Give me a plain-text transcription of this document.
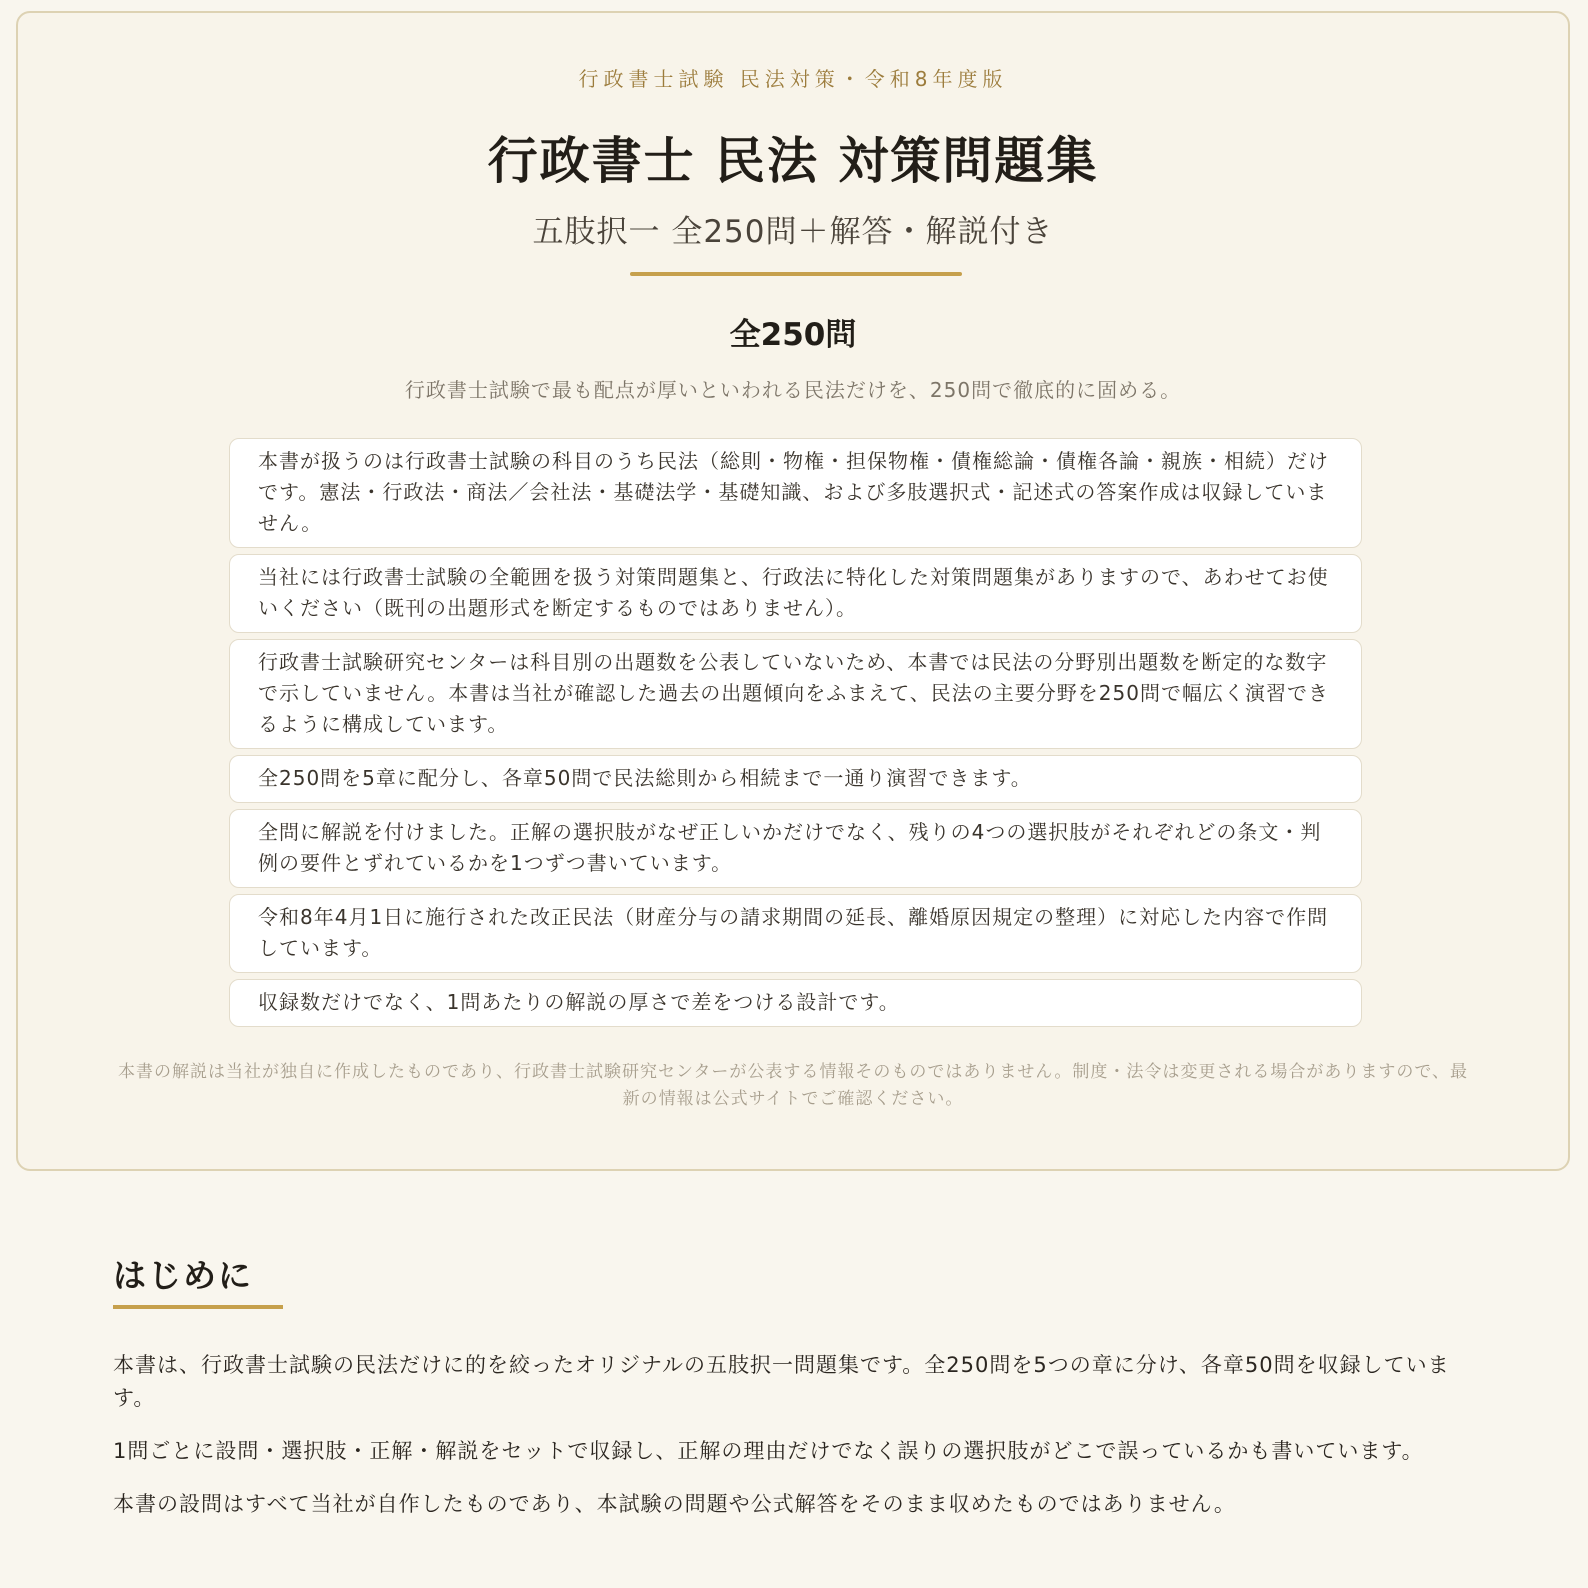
行政書士試験 民法対策・令和8年度版
行政書士 民法 対策問題集
五肢択一 全250問＋解答・解説付き
全250問
行政書士試験で最も配点が厚いといわれる民法だけを、250問で徹底的に固める。
本書が扱うのは行政書士試験の科目のうち民法（総則・物権・担保物権・債権総論・債権各論・親族・相続）だけです。憲法・行政法・商法／会社法・基礎法学・基礎知識、および多肢選択式・記述式の答案作成は収録していません。
当社には行政書士試験の全範囲を扱う対策問題集と、行政法に特化した対策問題集がありますので、あわせてお使いください（既刊の出題形式を断定するものではありません）。
行政書士試験研究センターは科目別の出題数を公表していないため、本書では民法の分野別出題数を断定的な数字で示していません。本書は当社が確認した過去の出題傾向をふまえて、民法の主要分野を250問で幅広く演習できるように構成しています。
全250問を5章に配分し、各章50問で民法総則から相続まで一通り演習できます。
全問に解説を付けました。正解の選択肢がなぜ正しいかだけでなく、残りの4つの選択肢がそれぞれどの条文・判例の要件とずれているかを1つずつ書いています。
令和8年4月1日に施行された改正民法（財産分与の請求期間の延長、離婚原因規定の整理）に対応した内容で作問しています。
収録数だけでなく、1問あたりの解説の厚さで差をつける設計です。
本書の解説は当社が独自に作成したものであり、行政書士試験研究センターが公表する情報そのものではありません。制度・法令は変更される場合がありますので、最新の情報は公式サイトでご確認ください。
はじめに

本書は、行政書士試験の民法だけに的を絞ったオリジナルの五肢択一問題集です。全250問を5つの章に分け、各章50問を収録しています。

1問ごとに設問・選択肢・正解・解説をセットで収録し、正解の理由だけでなく誤りの選択肢がどこで誤っているかも書いています。

本書の設問はすべて当社が自作したものであり、本試験の問題や公式解答をそのまま収めたものではありません。
